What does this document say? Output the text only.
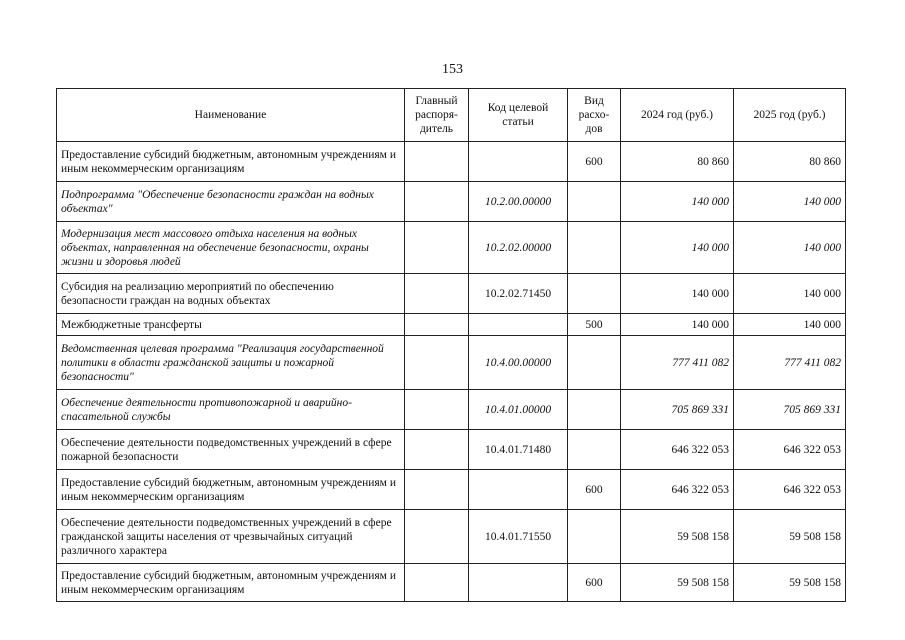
153
Наименование	Главный распоря-дитель	Код целевой статьи	Вид расхо-дов	2024 год (руб.)	2025 год (руб.)
Предоставление субсидий бюджетным, автономным учреждениям и иным некоммерческим организациям			600	80 860	80 860
Подпрограмма "Обеспечение безопасности граждан на водных объектах"		10.2.00.00000		140 000	140 000
Модернизация мест массового отдыха населения на водных объектах, направленная на обеспечение безопасности, охраны жизни и здоровья людей		10.2.02.00000		140 000	140 000
Субсидия на реализацию мероприятий по обеспечению безопасности граждан на водных объектах		10.2.02.71450		140 000	140 000
Межбюджетные трансферты			500	140 000	140 000
Ведомственная целевая программа "Реализация государственной политики в области гражданской защиты и пожарной безопасности"		10.4.00.00000		777 411 082	777 411 082
Обеспечение деятельности противопожарной и аварийно-спасательной службы		10.4.01.00000		705 869 331	705 869 331
Обеспечение деятельности подведомственных учреждений в сфере пожарной безопасности		10.4.01.71480		646 322 053	646 322 053
Предоставление субсидий бюджетным, автономным учреждениям и иным некоммерческим организациям			600	646 322 053	646 322 053
Обеспечение деятельности подведомственных учреждений в сфере гражданской защиты населения от чрезвычайных ситуаций различного характера		10.4.01.71550		59 508 158	59 508 158
Предоставление субсидий бюджетным, автономным учреждениям и иным некоммерческим организациям			600	59 508 158	59 508 158
